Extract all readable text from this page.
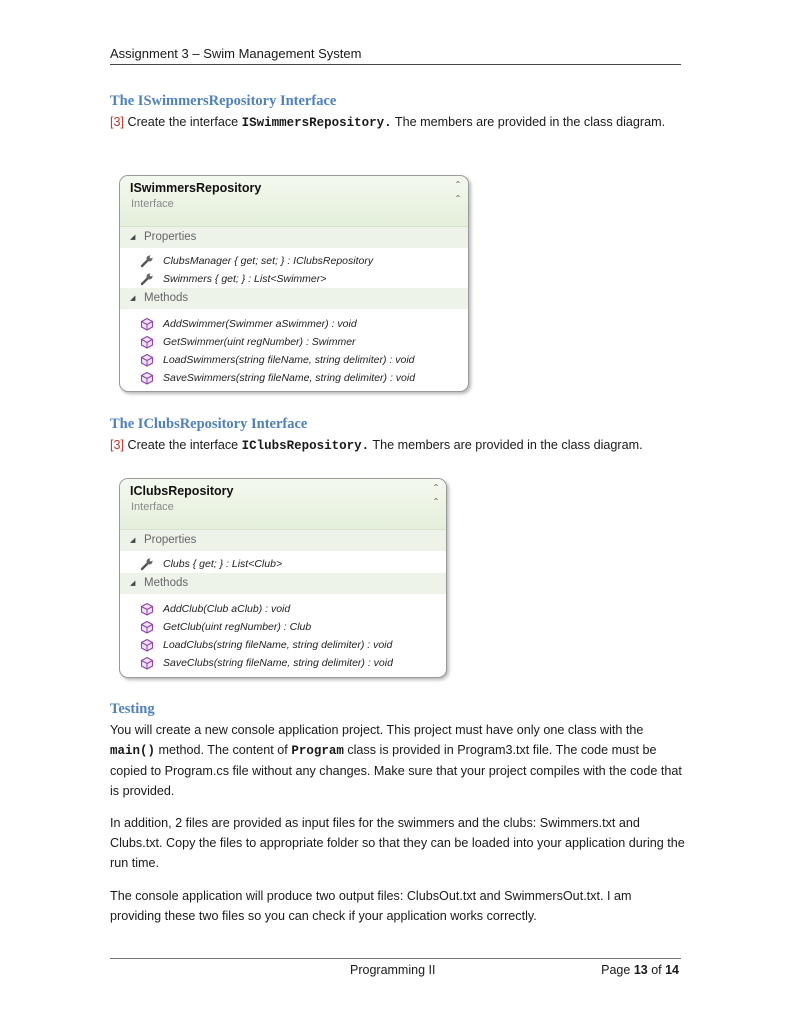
Assignment 3 – Swim Management System
The ISwimmersRepository Interface
[3] Create the interface ISwimmersRepository. The members are provided in the class diagram.
ISwimmersRepository
Interface
ˆ
ˆ
◢ Properties
ClubsManager { get; set; } : IClubsRepository
Swimmers { get; } : List<Swimmer>
◢ Methods
AddSwimmer(Swimmer aSwimmer) : void
GetSwimmer(uint regNumber) : Swimmer
LoadSwimmers(string fileName, string delimiter) : void
SaveSwimmers(string fileName, string delimiter) : void
The IClubsRepository Interface
[3] Create the interface IClubsRepository. The members are provided in the class diagram.
IClubsRepository
Interface
ˆ
ˆ
◢ Properties
Clubs { get; } : List<Club>
◢ Methods
AddClub(Club aClub) : void
GetClub(uint regNumber) : Club
LoadClubs(string fileName, string delimiter) : void
SaveClubs(string fileName, string delimiter) : void
Testing
You will create a new console application project. This project must have only one class with the main() method. The content of Program class is provided in Program3.txt file. The code must be copied to Program.cs file without any changes. Make sure that your project compiles with the code that is provided.
In addition, 2 files are provided as input files for the swimmers and the clubs: Swimmers.txt and Clubs.txt. Copy the files to appropriate folder so that they can be loaded into your application during the run time.
The console application will produce two output files: ClubsOut.txt and SwimmersOut.txt. I am providing these two files so you can check if your application works correctly.
Programming II	Page 13 of 14
